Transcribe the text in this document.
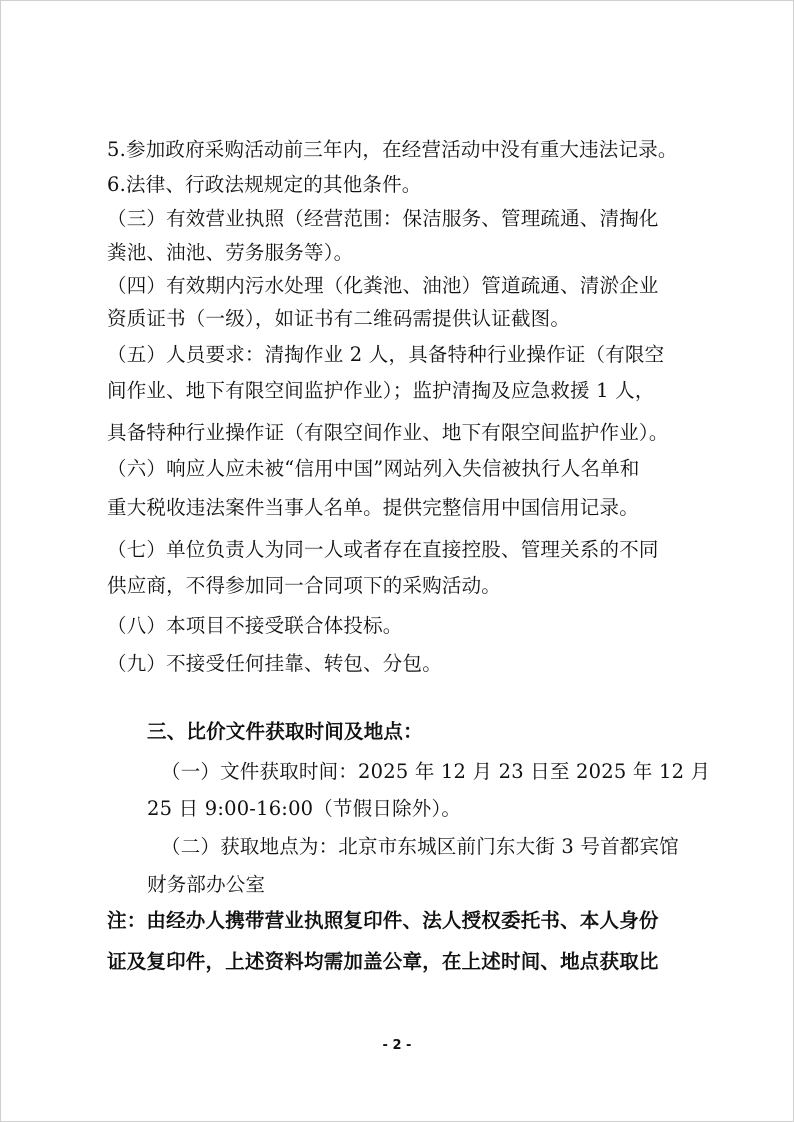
5.参加政府采购活动前三年内，在经营活动中没有重大违法记录。
6.法律、行政法规规定的其他条件。
（三）有效营业执照（经营范围：保洁服务、管理疏通、清掏化
粪池、油池、劳务服务等）。
（四）有效期内污水处理（化粪池、油池）管道疏通、清淤企业
资质证书（一级），如证书有二维码需提供认证截图。
（五）人员要求：清掏作业 2 人，具备特种行业操作证（有限空
间作业、地下有限空间监护作业）；监护清掏及应急救援 1 人，
具备特种行业操作证（有限空间作业、地下有限空间监护作业）。
（六）响应人应未被“信用中国”网站列入失信被执行人名单和
重大税收违法案件当事人名单。提供完整信用中国信用记录。
（七）单位负责人为同一人或者存在直接控股、管理关系的不同
供应商，不得参加同一合同项下的采购活动。
（八）本项目不接受联合体投标。
（九）不接受任何挂靠、转包、分包。
三、比价文件获取时间及地点：
（一）文件获取时间：2025 年 12 月 23 日至 2025 年 12 月
25 日 9:00-16:00（节假日除外）。
（二）获取地点为：北京市东城区前门东大街 3 号首都宾馆
财务部办公室
注：由经办人携带营业执照复印件、法人授权委托书、本人身份
证及复印件，上述资料均需加盖公章，在上述时间、地点获取比
- 2 -
